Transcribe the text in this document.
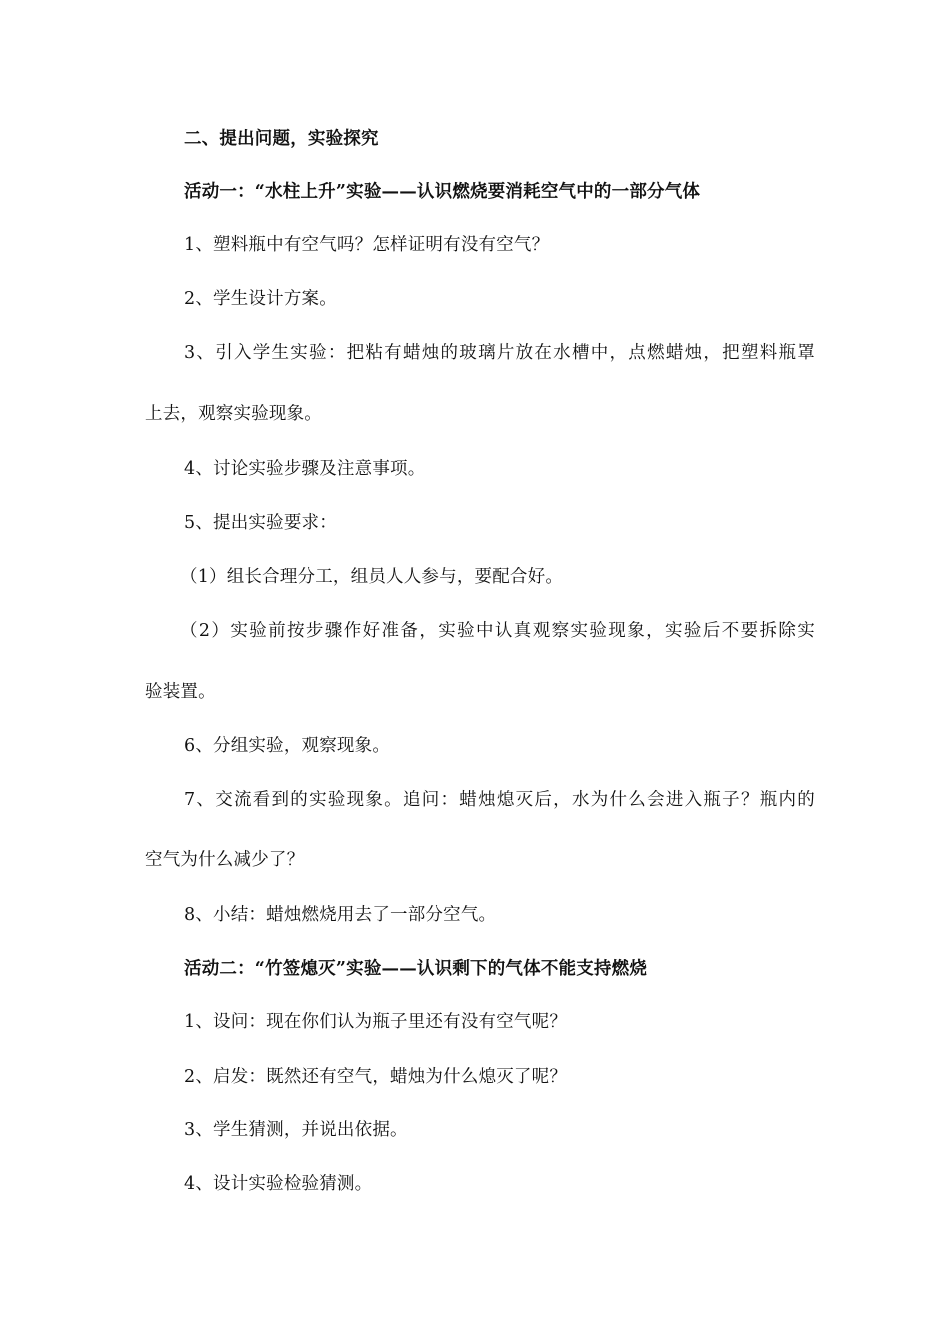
二、提出问题，实验探究
活动一：“水柱上升”实验——认识燃烧要消耗空气中的一部分气体
1、塑料瓶中有空气吗？怎样证明有没有空气？
2、学生设计方案。
3、引入学生实验：把粘有蜡烛的玻璃片放在水槽中，点燃蜡烛，把塑料瓶罩
上去，观察实验现象。
4、讨论实验步骤及注意事项。
5、提出实验要求：
（1）组长合理分工，组员人人参与，要配合好。
（2）实验前按步骤作好准备，实验中认真观察实验现象，实验后不要拆除实
验装置。
6、分组实验，观察现象。
7、交流看到的实验现象。追问：蜡烛熄灭后，水为什么会进入瓶子？瓶内的
空气为什么减少了？
8、小结：蜡烛燃烧用去了一部分空气。
活动二：“竹签熄灭”实验——认识剩下的气体不能支持燃烧
1、设问：现在你们认为瓶子里还有没有空气呢？
2、启发：既然还有空气，蜡烛为什么熄灭了呢？
3、学生猜测，并说出依据。
4、设计实验检验猜测。
